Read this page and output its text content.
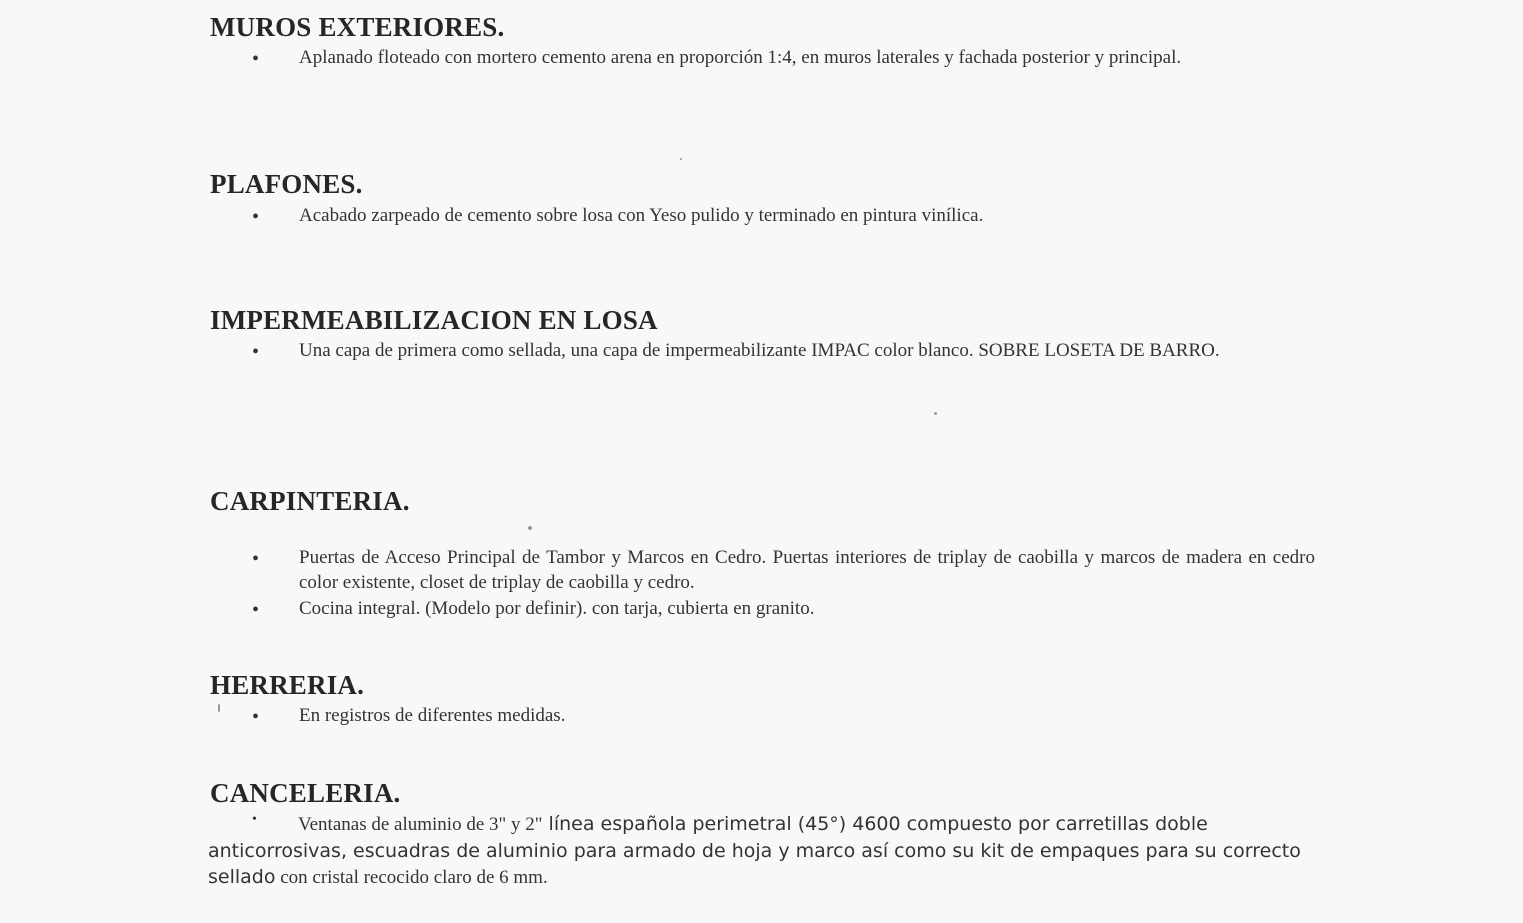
MUROS EXTERIORES.
• Aplanado floteado con mortero cemento arena en proporción 1:4, en muros laterales y fachada posterior y principal.
PLAFONES.
• Acabado zarpeado de cemento sobre losa con Yeso pulido y terminado en pintura vinílica.
IMPERMEABILIZACION EN LOSA
• Una capa de primera como sellada, una capa de impermeabilizante IMPAC color blanco. SOBRE LOSETA DE BARRO.
CARPINTERIA.
• Puertas de Acceso Principal de Tambor y Marcos en Cedro. Puertas interiores de triplay de caobilla y marcos de madera en cedro color existente, closet de triplay de caobilla y cedro.
• Cocina integral. (Modelo por definir). con tarja, cubierta en granito.
HERRERIA.
• En registros de diferentes medidas.
CANCELERIA.
•	Ventanas de aluminio de 3" y 2" línea española perimetral (45°) 4600 compuesto por carretillas doble anticorrosivas, escuadras de aluminio para armado de hoja y marco así como su kit de empaques para su correcto sellado con cristal recocido claro de 6 mm.
